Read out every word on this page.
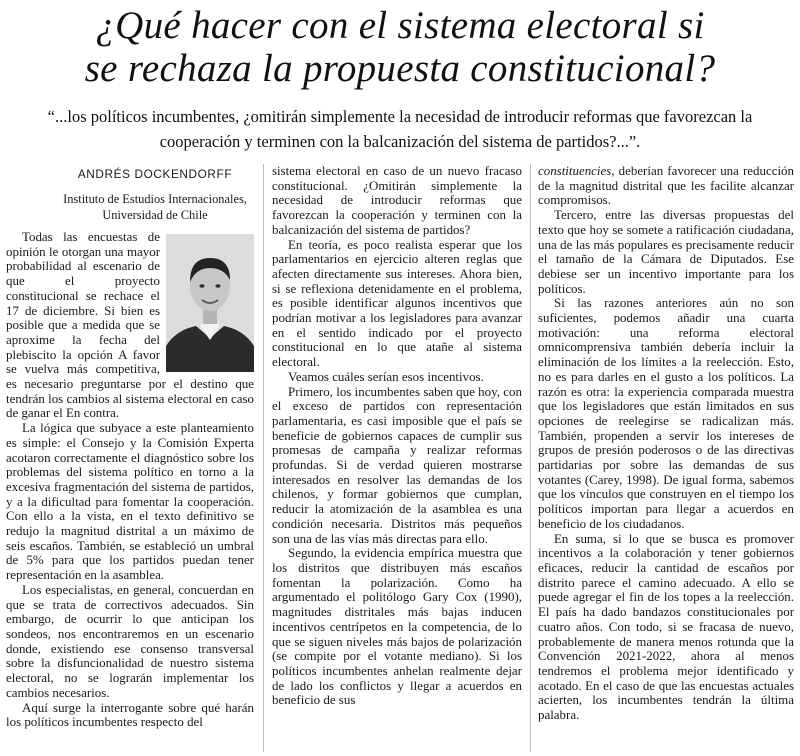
¿Qué hacer con el sistema electoral si
se rechaza la propuesta constitucional?
“...los políticos incumbentes, ¿omitirán simplemente la necesidad de introducir reformas que favorezcan la cooperación y terminen con la balcanización del sistema de partidos?...”.
ANDRÉS DOCKENDORFF
Instituto de Estudios Internacionales,
Universidad de Chile

Todas las encuestas de opinión le otorgan una mayor probabilidad al escenario de que el proyecto constitucional se rechace el 17 de diciembre. Si bien es posible que a medida que se aproxime la fecha del plebiscito la opción A favor se vuelva más competitiva, es necesario preguntarse por el destino que tendrán los cambios al sistema electoral en caso de ganar el En contra.

La lógica que subyace a este planteamiento es simple: el Consejo y la Comisión Experta acotaron correctamente el diagnóstico sobre los problemas del sistema político en torno a la excesiva fragmentación del sistema de partidos, y a la dificultad para fomentar la cooperación. Con ello a la vista, en el texto definitivo se redujo la magnitud distrital a un máximo de seis escaños. También, se estableció un umbral de 5% para que los partidos puedan tener representación en la asamblea.

Los especialistas, en general, concuerdan en que se trata de correctivos adecuados. Sin embargo, de ocurrir lo que anticipan los sondeos, nos encontraremos en un escenario donde, existiendo ese consenso transversal sobre la disfuncionalidad de nuestro sistema electoral, no se lograrán implementar los cambios necesarios.

Aquí surge la interrogante sobre qué harán los políticos incumbentes respecto del

sistema electoral en caso de un nuevo fracaso constitucional. ¿Omitirán simplemente la necesidad de introducir reformas que favorezcan la cooperación y terminen con la balcanización del sistema de partidos?

En teoría, es poco realista esperar que los parlamentarios en ejercicio alteren reglas que afecten directamente sus intereses. Ahora bien, si se reflexiona detenidamente en el problema, es posible identificar algunos incentivos que podrían motivar a los legisladores para avanzar en el sentido indicado por el proyecto constitucional en lo que atañe al sistema electoral.

Veamos cuáles serían esos incentivos.

Primero, los incumbentes saben que hoy, con el exceso de partidos con representación parlamentaria, es casi imposible que el país se beneficie de gobiernos capaces de cumplir sus promesas de campaña y realizar reformas profundas. Si de verdad quieren mostrarse interesados en resolver las demandas de los chilenos, y formar gobiernos que cumplan, reducir la atomización de la asamblea es una condición necesaria. Distritos más pequeños son una de las vías más directas para ello.

Segundo, la evidencia empírica muestra que los distritos que distribuyen más escaños fomentan la polarización. Como ha argumentado el politólogo Gary Cox (1990), magnitudes distritales más bajas inducen incentivos centrípetos en la competencia, de lo que se siguen niveles más bajos de polarización (se compite por el votante mediano). Si los políticos incumbentes anhelan realmente dejar de lado los conflictos y llegar a acuerdos en beneficio de sus

constituencies, deberían favorecer una reducción de la magnitud distrital que les facilite alcanzar compromisos.

Tercero, entre las diversas propuestas del texto que hoy se somete a ratificación ciudadana, una de las más populares es precisamente reducir el tamaño de la Cámara de Diputados. Ese debiese ser un incentivo importante para los políticos.

Si las razones anteriores aún no son suficientes, podemos añadir una cuarta motivación: una reforma electoral omnicomprensiva también debería incluir la eliminación de los límites a la reelección. Esto, no es para darles en el gusto a los políticos. La razón es otra: la experiencia comparada muestra que los legisladores que están limitados en sus opciones de reelegirse se radicalizan más. También, propenden a servir los intereses de grupos de presión poderosos o de las directivas partidarias por sobre las demandas de sus votantes (Carey, 1998). De igual forma, sabemos que los vínculos que construyen en el tiempo los políticos importan para llegar a acuerdos en beneficio de los ciudadanos.

En suma, si lo que se busca es promover incentivos a la colaboración y tener gobiernos eficaces, reducir la cantidad de escaños por distrito parece el camino adecuado. A ello se puede agregar el fin de los topes a la reelección. El país ha dado bandazos constitucionales por cuatro años. Con todo, si se fracasa de nuevo, probablemente de manera menos rotunda que la Convención 2021-2022, ahora al menos tendremos el problema mejor identificado y acotado. En el caso de que las encuestas actuales acierten, los incumbentes tendrán la última palabra.
